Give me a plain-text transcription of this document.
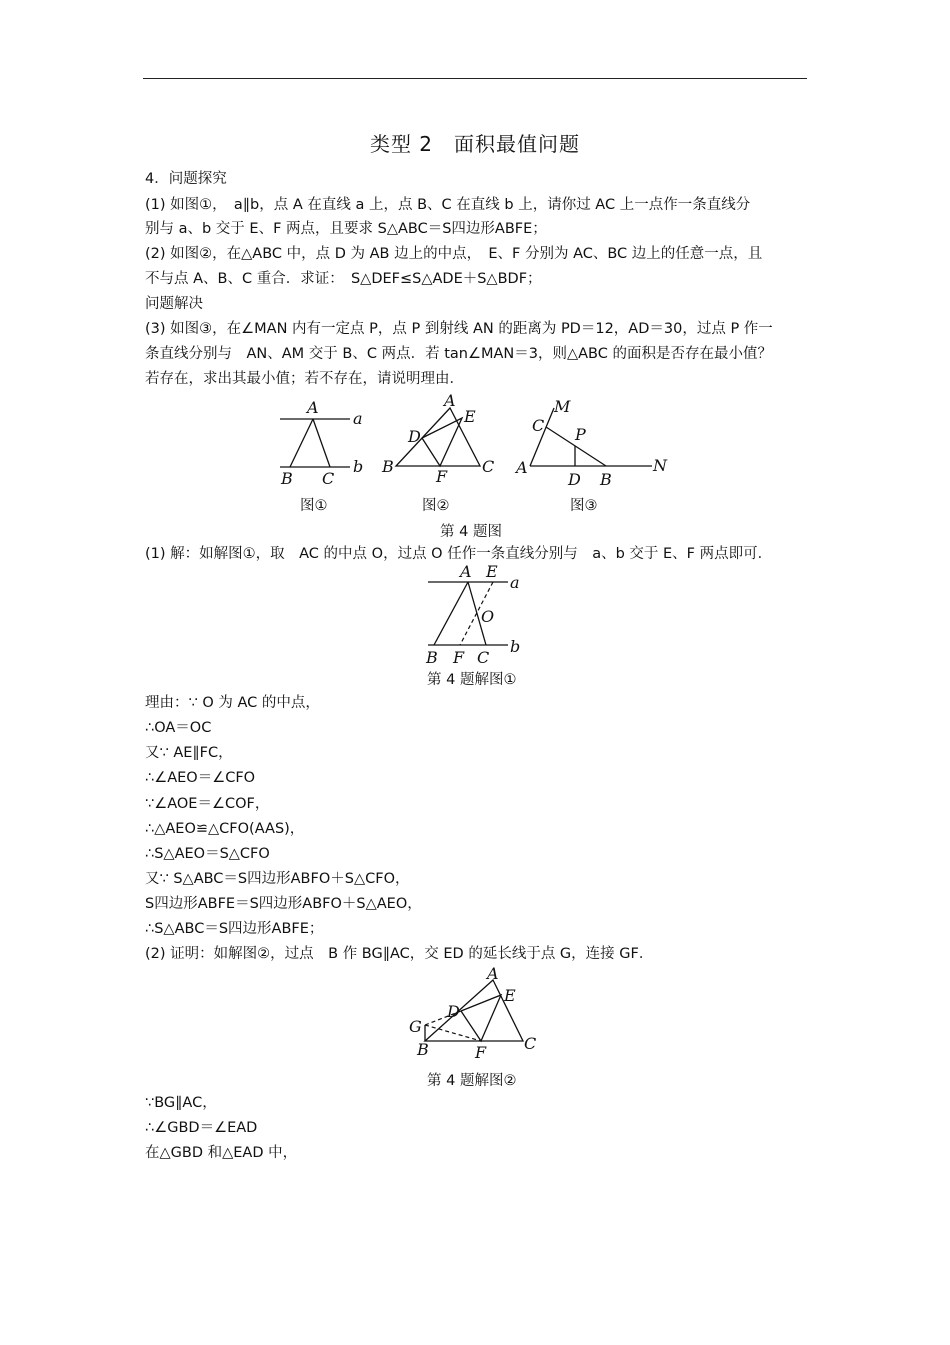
类型 2　面积最值问题
4．问题探究
(1) 如图①，　a∥b，点 A 在直线 a 上，点 B、C 在直线 b 上，请你过 AC 上一点作一条直线分
别与 a、b 交于 E、F 两点，且要求 S△ABC＝S四边形ABFE；
(2) 如图②，在△ABC 中，点 D 为 AB 边上的中点，　E、F 分别为 AC、BC 边上的任意一点，且
不与点 A、B、C 重合．求证：　S△DEF≤S△ADE＋S△BDF；
问题解决
(3) 如图③，在∠MAN 内有一定点 P，点 P 到射线 AN 的距离为 PD＝12，AD＝30，过点 P 作一
条直线分别与　AN、AM 交于 B、C 两点．若 tan∠MAN＝3，则△ABC 的面积是否存在最小值？
若存在，求出其最小值；若不存在，请说明理由．
A
a
b
B C
图①
A
E
D
B
F
C
图②
M
C P
A
D B
N
图③
第 4 题图
(1) 解：如解图①，取　AC 的中点 O，过点 O 任作一条直线分别与　a、b 交于 E、F 两点即可．
A E
a
O
b
B F C
第 4 题解图①
理由：∵ O 为 AC 的中点，
∴OA＝OC
又∵ AE∥FC，
∴∠AEO＝∠CFO
∵∠AOE＝∠COF，
∴△AEO≌△CFO(AAS)，
∴S△AEO＝S△CFO
又∵ S△ABC＝S四边形ABFO＋S△CFO，
S四边形ABFE＝S四边形ABFO＋S△AEO，
∴S△ABC＝S四边形ABFE；
(2) 证明：如解图②，过点　B 作 BG∥AC，交 ED 的延长线于点 G，连接 GF．
A
E
D
G
B	F C
第 4 题解图②
∵BG∥AC，
∴∠GBD＝∠EAD
在△GBD 和△EAD 中，
